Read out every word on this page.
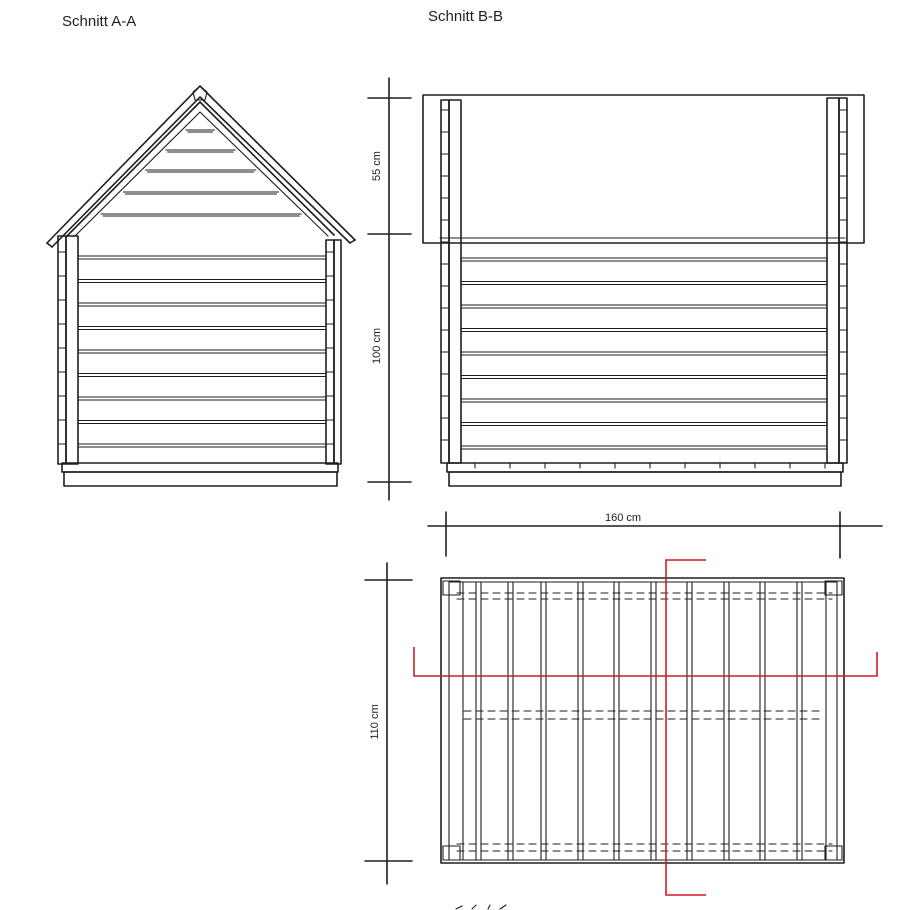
Schnitt A-A	Schnitt B-B
55 cm
100 cm
160 cm
110 cm
